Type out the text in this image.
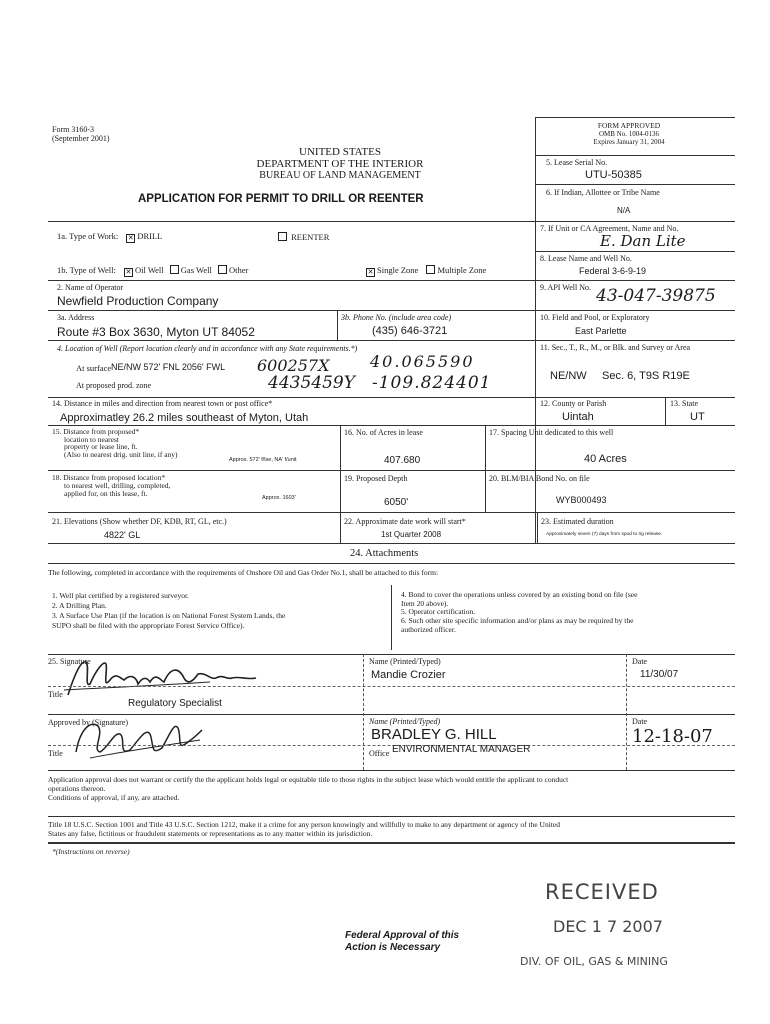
Form 3160-3
(September 2001)
FORM APPROVED
OMB No. 1004-0136
Expires January 31, 2004
UNITED STATES
DEPARTMENT OF THE INTERIOR
BUREAU OF LAND MANAGEMENT
APPLICATION FOR PERMIT TO DRILL OR REENTER
5. Lease Serial No.
UTU-50385
6. If Indian, Allottee or Tribe Name
N/A
7. If Unit or CA Agreement, Name and No.
E. Dan Lite
8. Lease Name and Well No.
Federal 3-6-9-19
9. API Well No. 43-047-39875
10. Field and Pool, or Exploratory
East Parlette
11. Sec., T., R., M., or Blk. and Survey or Area
NE/NW Sec. 6, T9S R19E
12. County or Parish
Uintah
13. State
UT
1a. Type of Work: ✕ DRILL	REENTER
1b. Type of Well: ✕ Oil Well Gas Well Other	✕ Single Zone Multiple Zone
2. Name of Operator
Newfield Production Company
3a. Address
Route #3 Box 3630, Myton UT 84052
3b. Phone No. (include area code)
(435) 646-3721
4. Location of Well (Report location clearly and in accordance with any State requirements.*)
At surface NE/NW 572' FNL 2056' FWL 600257X	40.065590
At proposed prod. zone	4435459Y -109.824401
14. Distance in miles and direction from nearest town or post office*
Approximatley 26.2 miles southeast of Myton, Utah
15. Distance from proposed*
location to nearest
property or lease line, ft.
(Also to nearest drig. unit line, if any)
Approx. 572' f/lse, NA' f/unit
16. No. of Acres in lease
407.680
17. Spacing Unit dedicated to this well
40 Acres
18. Distance from proposed location*
to nearest well, drilling, completed,
applied for, on this lease, ft.	Approx. 1603'
19. Proposed Depth
6050'
20. BLM/BIA Bond No. on file
WYB000493
21. Elevations (Show whether DF, KDB, RT, GL, etc.)
4822' GL
22. Approximate date work will start*
1st Quarter 2008
23. Estimated duration
Approximately seven (7) days from spud to rig release.
24. Attachments
The following, completed in accordance with the requirements of Onshore Oil and Gas Order No.1, shall be attached to this form:
1. Well plat certified by a registered surveyor.
2. A Drilling Plan.
3. A Surface Use Plan (if the location is on National Forest System Lands, the
SUPO shall be filed with the appropriate Forest Service Office).
4. Bond to cover the operations unless covered by an existing bond on file (see
Item 20 above).
5. Operator certification.
6. Such other site specific information and/or plans as may be required by the
authorized officer.
25. Signature	Name (Printed/Typed)
Mandie Crozier
Date
11/30/07
Title
Regulatory Specialist
Approved by (Signature)	Name (Printed/Typed)
BRADLEY G. HILL
Date
12-18-07
Title	Office ENVIRONMENTAL MANAGER
Application approval does not warrant or certify the the applicant holds legal or equitable title to those rights in the subject lease which would entitle the applicant to conduct
operations thereon.
Conditions of approval, if any, are attached.
Title 18 U.S.C. Section 1001 and Title 43 U.S.C. Section 1212, make it a crime for any person knowingly and willfully to make to any department or agency of the United
States any false, fictitious or fraudulent statements or representations as to any matter within its jurisdiction.
*(Instructions on reverse)
Federal Approval of this
Action is Necessary
RECEIVED
DEC 1 7 2007
DIV. OF OIL, GAS & MINING
